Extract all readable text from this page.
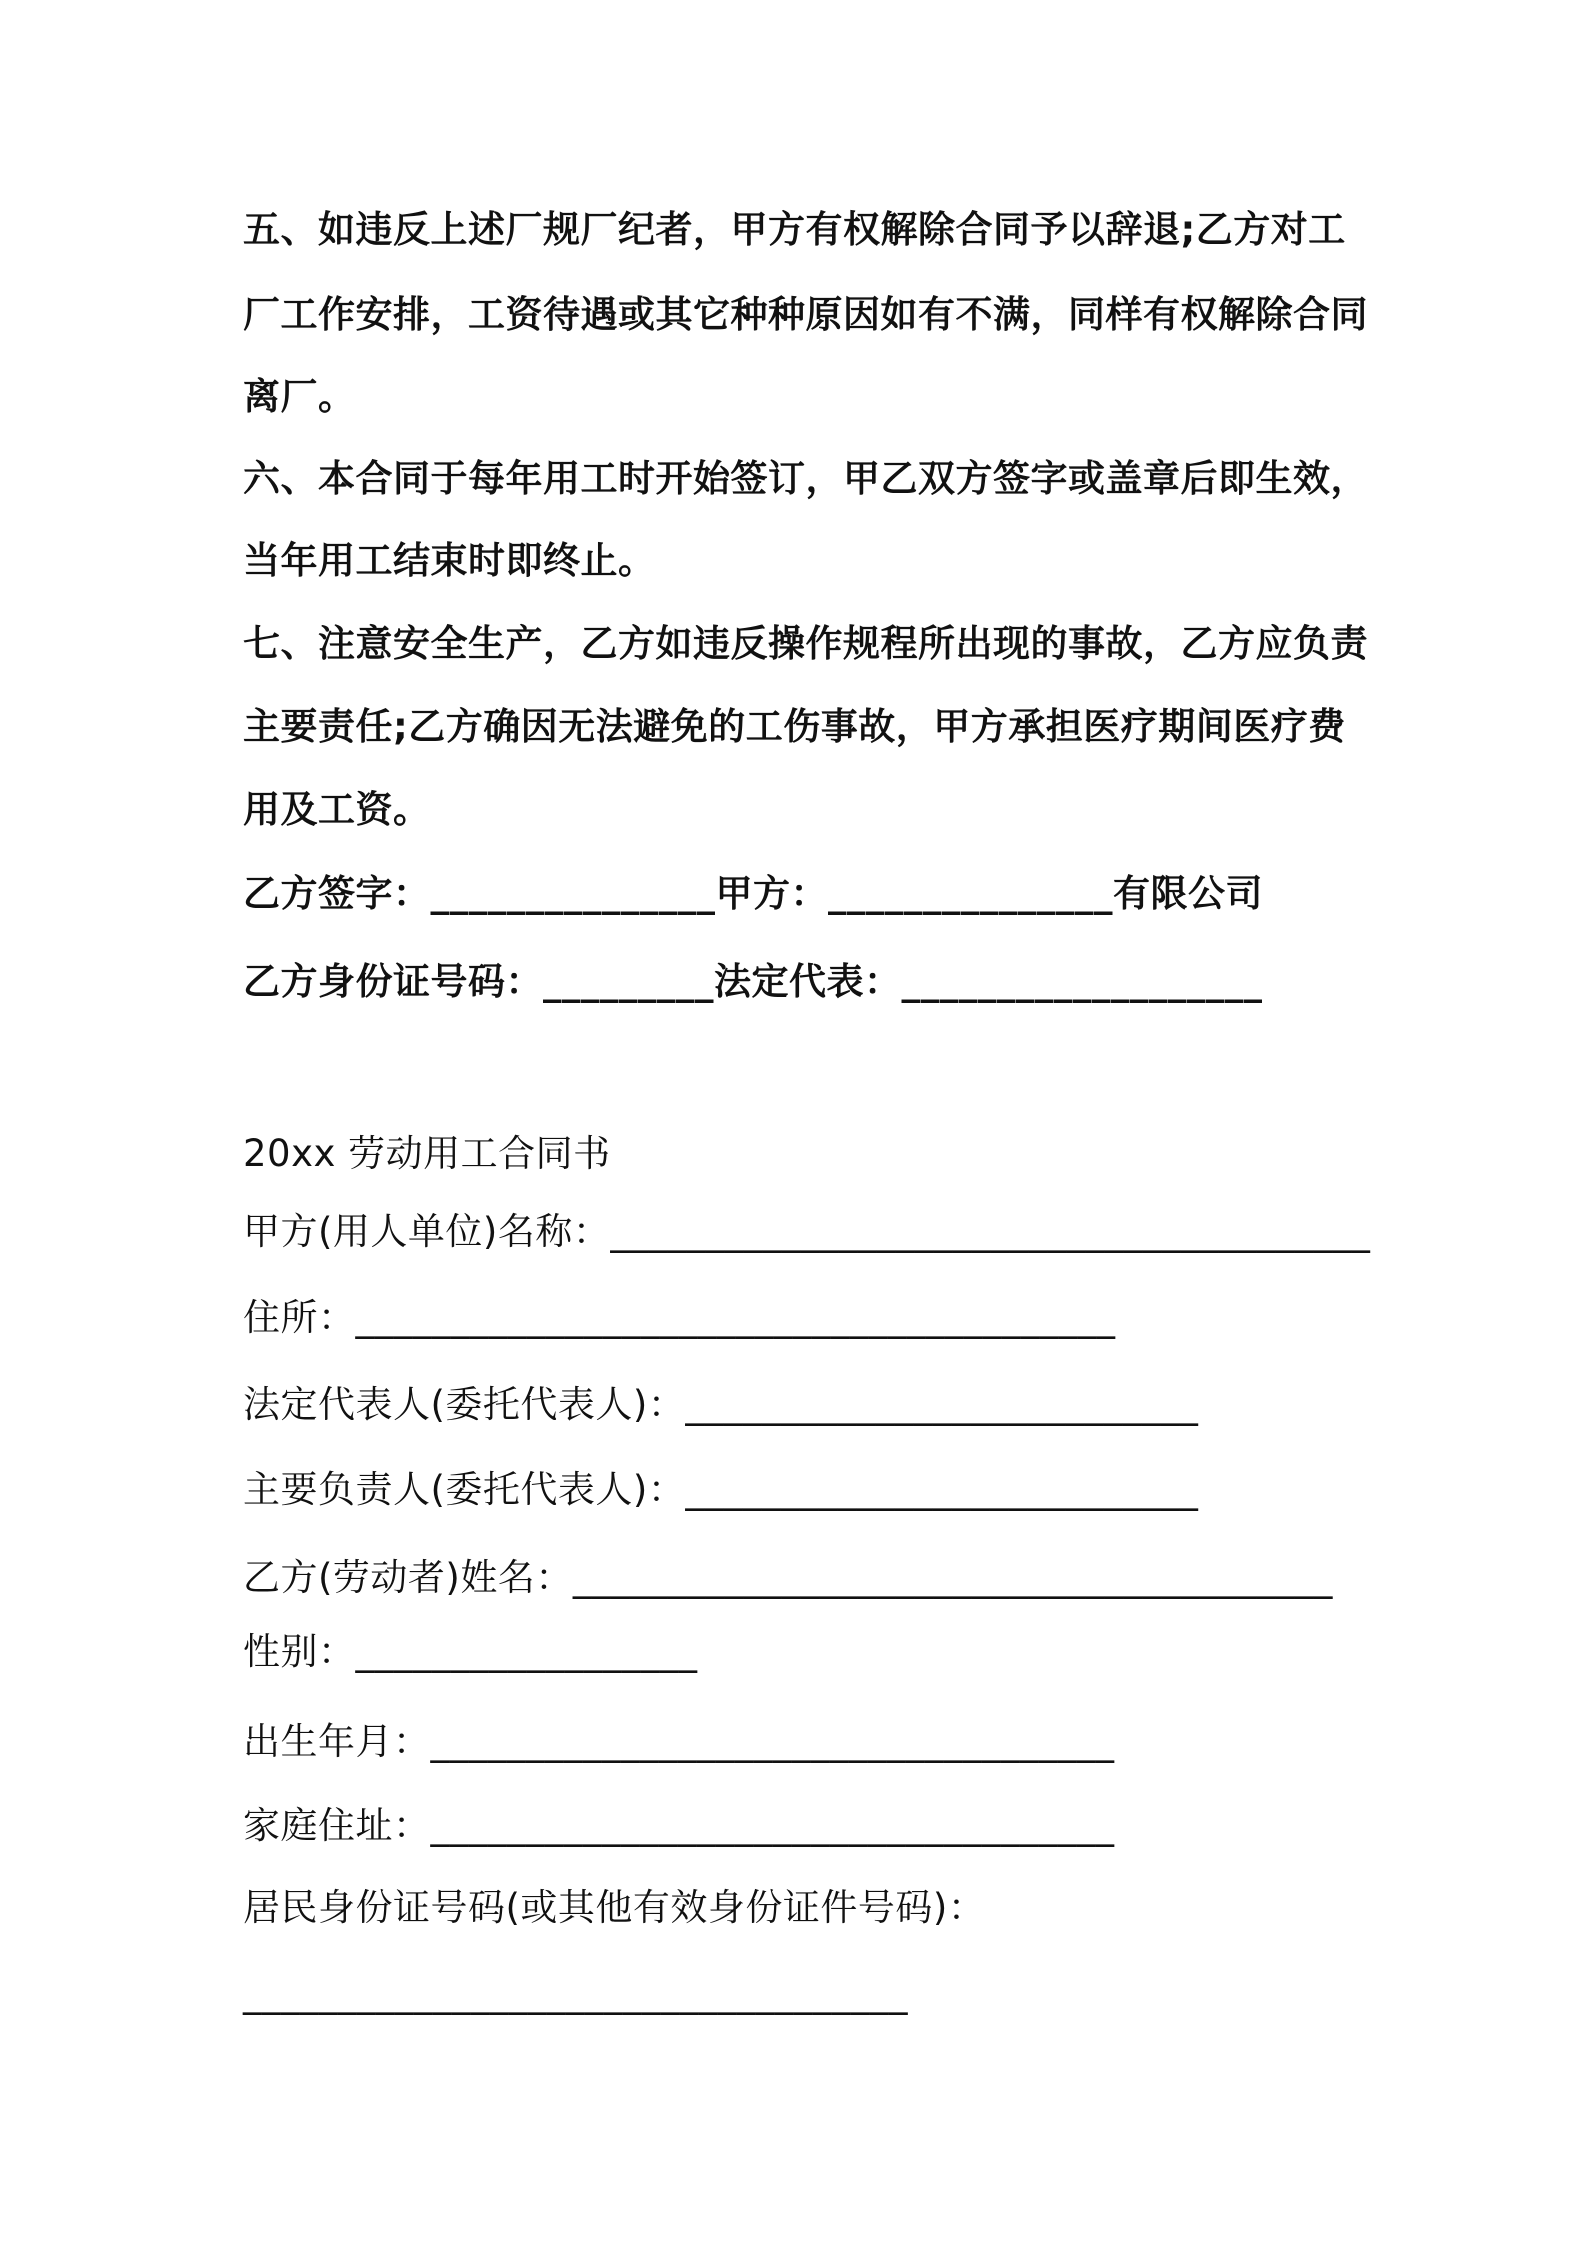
五、如违反上述厂规厂纪者，甲方有权解除合同予以辞退;乙方对工
厂工作安排，工资待遇或其它种种原因如有不满，同样有权解除合同
离厂。
六、本合同于每年用工时开始签订，甲乙双方签字或盖章后即生效，
当年用工结束时即终止。
七、注意安全生产，乙方如违反操作规程所出现的事故，乙方应负责
主要责任;乙方确因无法避免的工伤事故，甲方承担医疗期间医疗费
用及工资。
乙方签字：_______________甲方：_______________有限公司
乙方身份证号码：_________法定代表：___________________
20xx 劳动用工合同书
甲方(用人单位)名称：________________________________________
住所：________________________________________
法定代表人(委托代表人)：___________________________
主要负责人(委托代表人)：___________________________
乙方(劳动者)姓名：________________________________________
性别：__________________
出生年月：____________________________________
家庭住址：____________________________________
居民身份证号码(或其他有效身份证件号码)：
___________________________________
